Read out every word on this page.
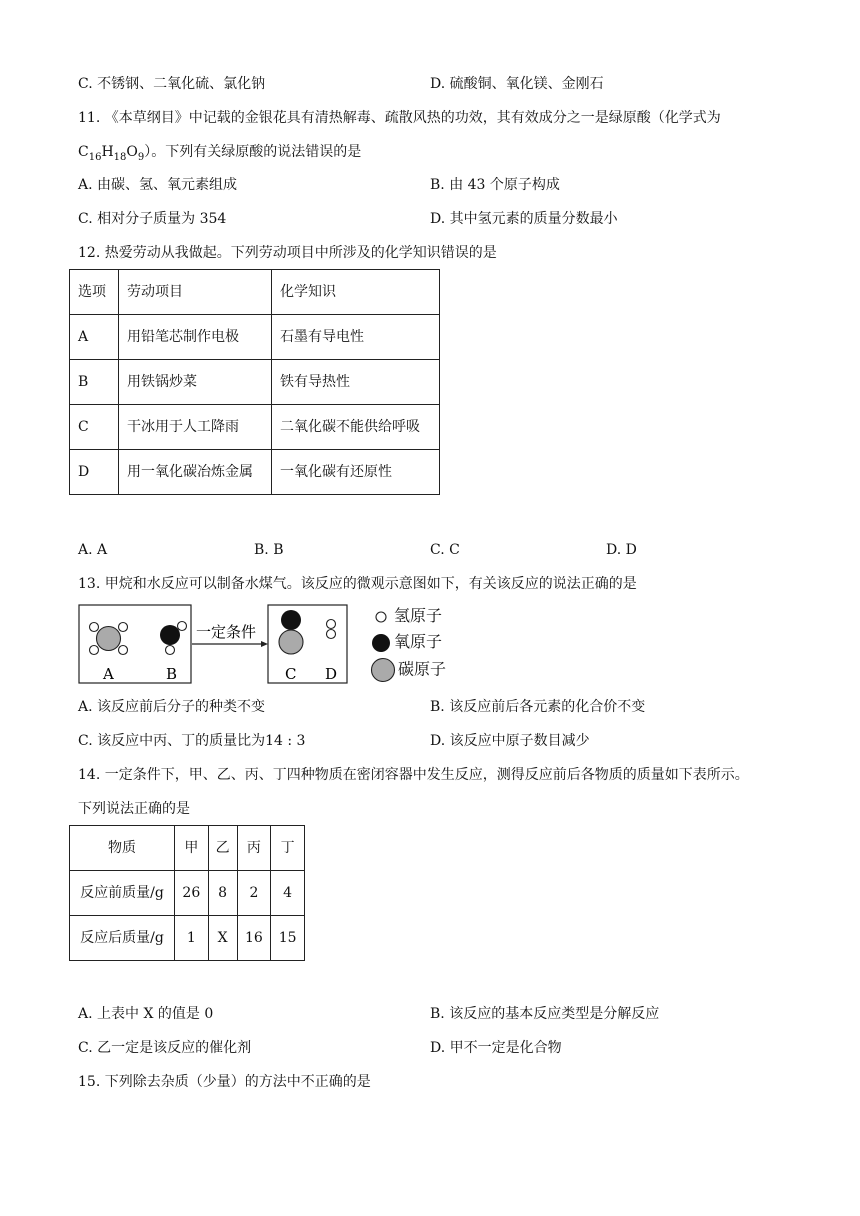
C. 不锈钢、二氧化硫、氯化钠	D. 硫酸铜、氧化镁、金刚石
11. 《本草纲目》中记载的金银花具有清热解毒、疏散风热的功效，其有效成分之一是绿原酸（化学式为
$C_{16}H_{18}O_9$）。下列有关绿原酸的说法错误的是
A. 由碳、氢、氧元素组成	B. 由 43 个原子构成
C. 相对分子质量为 354	D. 其中氢元素的质量分数最小
12. 热爱劳动从我做起。下列劳动项目中所涉及的化学知识错误的是
选项	劳动项目	化学知识
A	用铅笔芯制作电极	石墨有导电性
B	用铁锅炒菜	铁有导热性
C	干冰用于人工降雨	二氧化碳不能供给呼吸
D	用一氧化碳冶炼金属	一氧化碳有还原性
A. A	B. B	C. C	D. D
13. 甲烷和水反应可以制备水煤气。该反应的微观示意图如下，有关该反应的说法正确的是
A	B
一定条件
C D
氢原子
氧原子
碳原子
A. 该反应前后分子的种类不变	B. 该反应前后各元素的化合价不变
C. 该反应中丙、丁的质量比为14 : 3	D. 该反应中原子数目减少
14. 一定条件下，甲、乙、丙、丁四种物质在密闭容器中发生反应，测得反应前后各物质的质量如下表所示。
下列说法正确的是
物质	甲	乙	丙	丁
反应前质量/g	26	8	2	4
反应后质量/g	1	X	16	15
A. 上表中 X 的值是 0	B. 该反应的基本反应类型是分解反应
C. 乙一定是该反应的催化剂	D. 甲不一定是化合物
15. 下列除去杂质（少量）的方法中不正确的是
